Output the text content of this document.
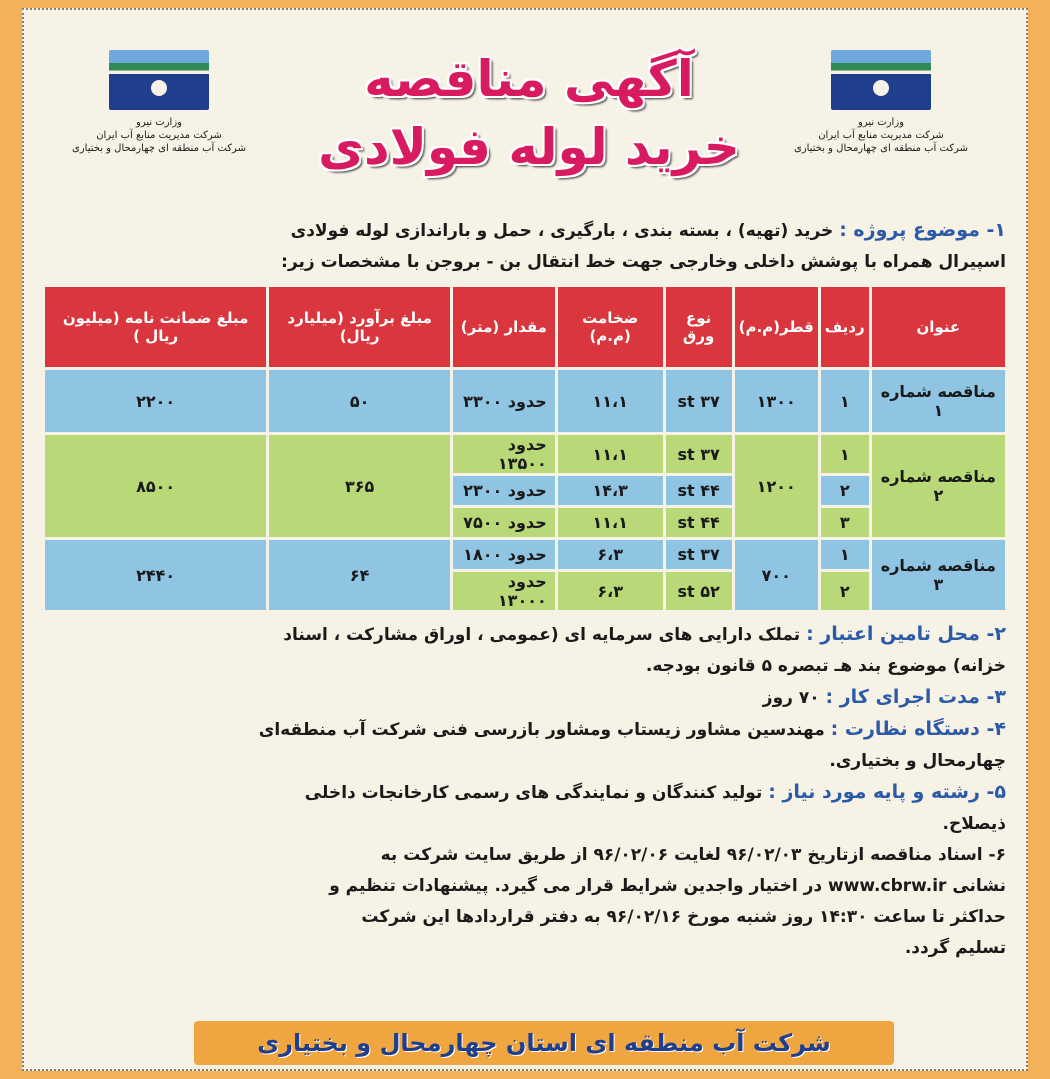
وزارت نیرو
شرکت مدیریت منابع آب ایران
شرکت آب منطقه ای چهارمحال و بختیاری
آگهی مناقصه
خرید لوله فولادی
وزارت نیرو
شرکت مدیریت منابع آب ایران
شرکت آب منطقه ای چهارمحال و بختیاری
۱- موضوع پروژه : خرید (تهیه) ، بسته بندی ، بارگیری ، حمل و باراندازی لوله فولادی
اسپیرال همراه با پوشش داخلی وخارجی جهت خط انتقال بن - بروجن با مشخصات زیر:
عنوان	ردیف	قطر(م.م)	نوع ورق	ضخامت (م.م)	مقدار (متر)	مبلغ برآورد (میلیارد ریال)	مبلغ ضمانت نامه (میلیون ریال )
مناقصه شماره ۱	۱	۱۳۰۰	st ۳۷	۱۱،۱	حدود ۳۳۰۰	۵۰	۲۲۰۰
مناقصه شماره ۲	۱	۱۲۰۰	st ۳۷	۱۱،۱	حدود ۱۳۵۰۰	۳۶۵	۸۵۰۰
	۲		st ۴۴	۱۴،۳	حدود ۲۳۰۰		
	۳		st ۴۴	۱۱،۱	حدود ۷۵۰۰		
مناقصه شماره ۳	۱	۷۰۰	st ۳۷	۶،۳	حدود ۱۸۰۰	۶۴	۲۴۴۰
	۲		st ۵۲	۶،۳	حدود ۱۳۰۰۰		
۲- محل تامین اعتبار : تملک دارایی های سرمایه ای (عمومی ، اوراق مشارکت ، اسناد
خزانه) موضوع بند هـ تبصره ۵ قانون بودجه.
۳- مدت اجرای کار : ۷۰ روز
۴- دستگاه نظارت : مهندسین مشاور زیستاب ومشاور بازرسی فنی شرکت آب منطقه‌ای
چهارمحال و بختیاری.
۵- رشته و پایه مورد نیاز : تولید کنندگان و نمایندگی های رسمی کارخانجات داخلی
ذیصلاح.
۶- اسناد مناقصه ازتاریخ ۹۶/۰۲/۰۳ لغایت ۹۶/۰۲/۰۶ از طریق سایت شرکت به
نشانی www.cbrw.ir در اختیار واجدین شرایط قرار می گیرد. پیشنهادات تنظیم و
حداکثر تا ساعت ۱۴:۳۰ روز شنبه مورخ ۹۶/۰۲/۱۶ به دفتر قراردادها این شرکت
تسلیم گردد.
شرکت آب منطقه ای استان چهارمحال و بختیاری
